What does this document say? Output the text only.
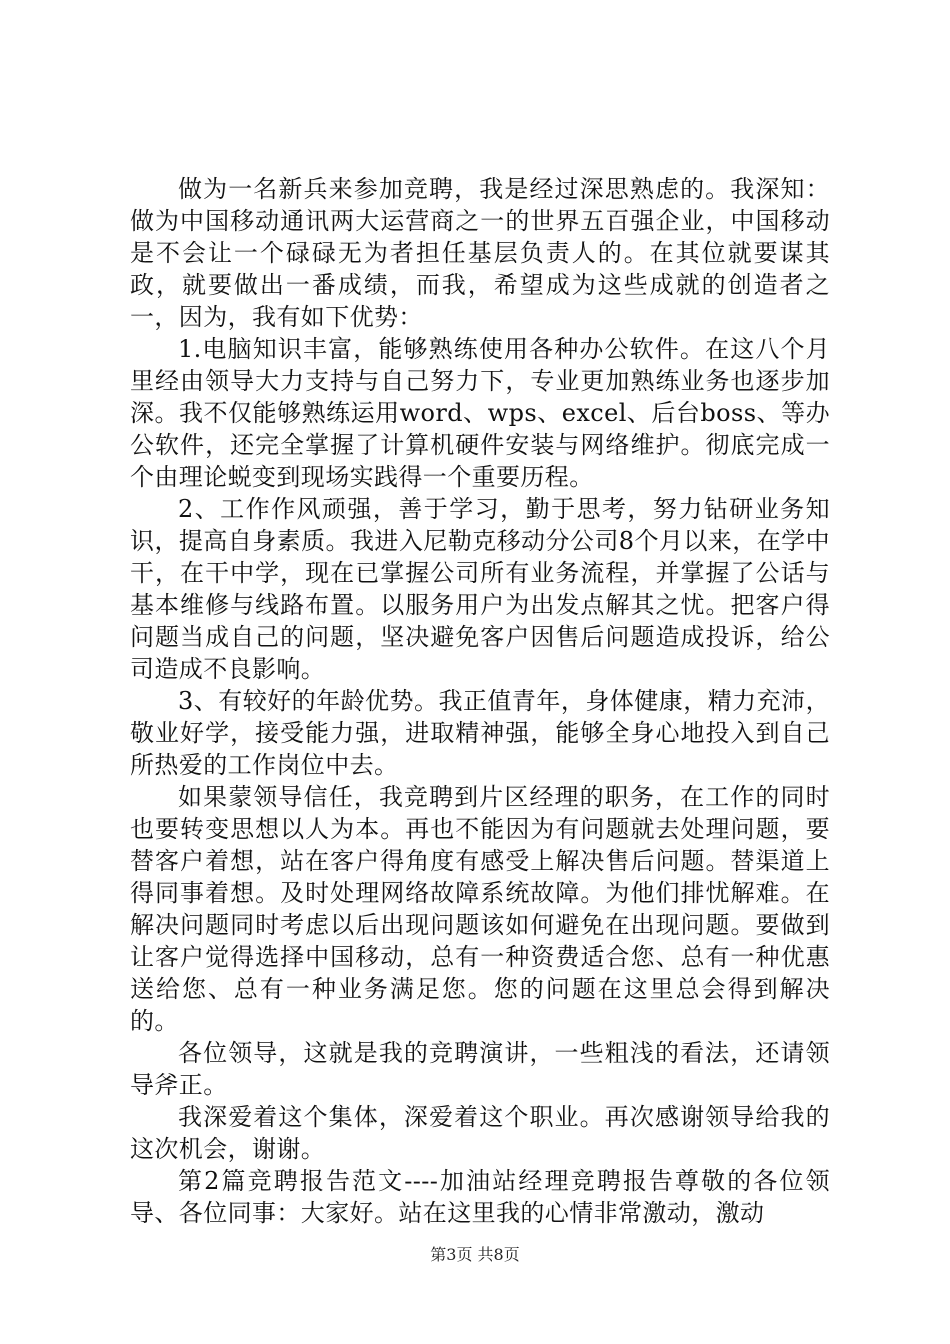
做为一名新兵来参加竞聘，我是经过深思熟虑的。我深知：做为中国移动通讯两大运营商之一的世界五百强企业，中国移动是不会让一个碌碌无为者担任基层负责人的。在其位就要谋其政，就要做出一番成绩，而我，希望成为这些成就的创造者之一，因为，我有如下优势：

1.电脑知识丰富，能够熟练使用各种办公软件。在这八个月里经由领导大力支持与自己努力下，专业更加熟练业务也逐步加深。我不仅能够熟练运用word、wps、excel、后台boss、等办公软件，还完全掌握了计算机硬件安装与网络维护。彻底完成一个由理论蜕变到现场实践得一个重要历程。

2、工作作风顽强，善于学习，勤于思考，努力钻研业务知识，提高自身素质。我进入尼勒克移动分公司8个月以来，在学中干，在干中学，现在已掌握公司所有业务流程，并掌握了公话与基本维修与线路布置。以服务用户为出发点解其之忧。把客户得问题当成自己的问题，坚决避免客户因售后问题造成投诉，给公司造成不良影响。

3、有较好的年龄优势。我正值青年，身体健康，精力充沛，敬业好学，接受能力强，进取精神强，能够全身心地投入到自己所热爱的工作岗位中去。

如果蒙领导信任，我竞聘到片区经理的职务，在工作的同时也要转变思想以人为本。再也不能因为有问题就去处理问题，要替客户着想，站在客户得角度有感受上解决售后问题。替渠道上得同事着想。及时处理网络故障系统故障。为他们排忧解难。在解决问题同时考虑以后出现问题该如何避免在出现问题。要做到让客户觉得选择中国移动，总有一种资费适合您、总有一种优惠送给您、总有一种业务满足您。您的问题在这里总会得到解决的。

各位领导，这就是我的竞聘演讲，一些粗浅的看法，还请领导斧正。

我深爱着这个集体，深爱着这个职业。再次感谢领导给我的这次机会，谢谢。

第2篇竞聘报告范文----加油站经理竞聘报告尊敬的各位领导、各位同事：大家好。站在这里我的心情非常激动，激动

第3页 共8页
